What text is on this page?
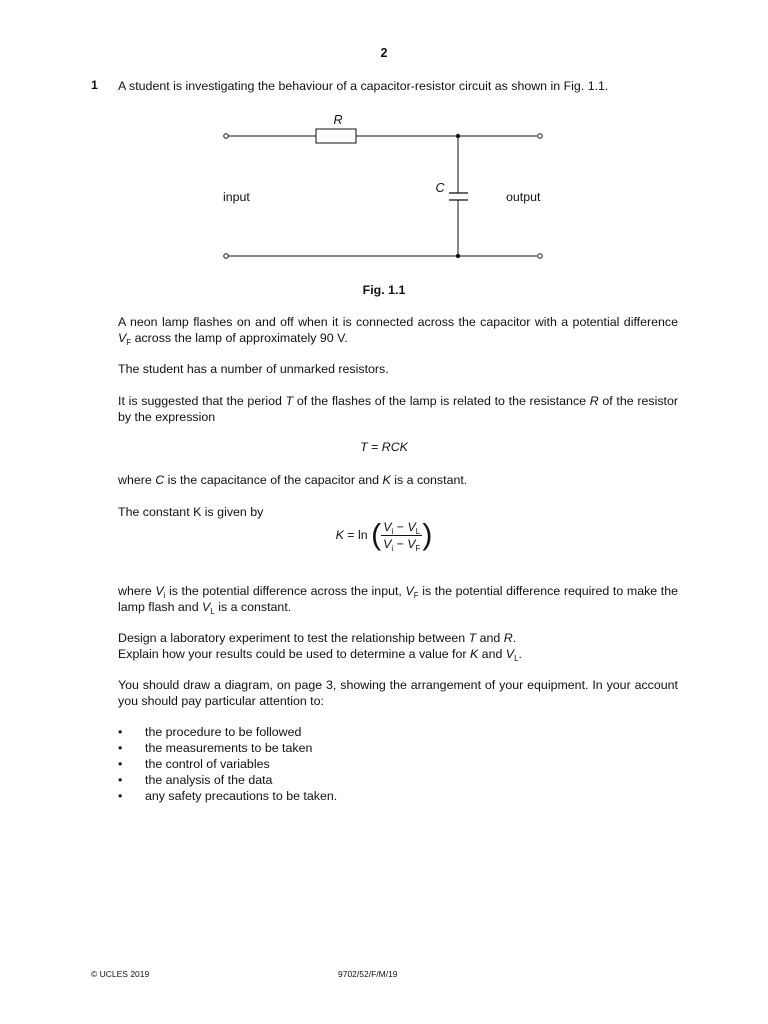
2
1 A student is investigating the behaviour of a capacitor-resistor circuit as shown in Fig. 1.1.
R
C
input	output
Fig. 1.1
A neon lamp flashes on and off when it is connected across the capacitor with a potential difference $V_F$ across the lamp of approximately 90 V.
The student has a number of unmarked resistors.
It is suggested that the period T of the flashes of the lamp is related to the resistance R of the resistor by the expression
T = RCK
where C is the capacitance of the capacitor and K is a constant.
The constant K is given by
K = ln ( $\frac{V_i - V_L}{V_i - V_F}$ )
where $V_i$ is the potential difference across the input, $V_F$ is the potential difference required to make the lamp flash and $V_L$ is a constant.
Design a laboratory experiment to test the relationship between T and R.
Explain how your results could be used to determine a value for K and $V_L$.
You should draw a diagram, on page 3, showing the arrangement of your equipment. In your account you should pay particular attention to:
• the procedure to be followed
• the measurements to be taken
• the control of variables
• the analysis of the data
• any safety precautions to be taken.
© UCLES 2019	9702/52/F/M/19
